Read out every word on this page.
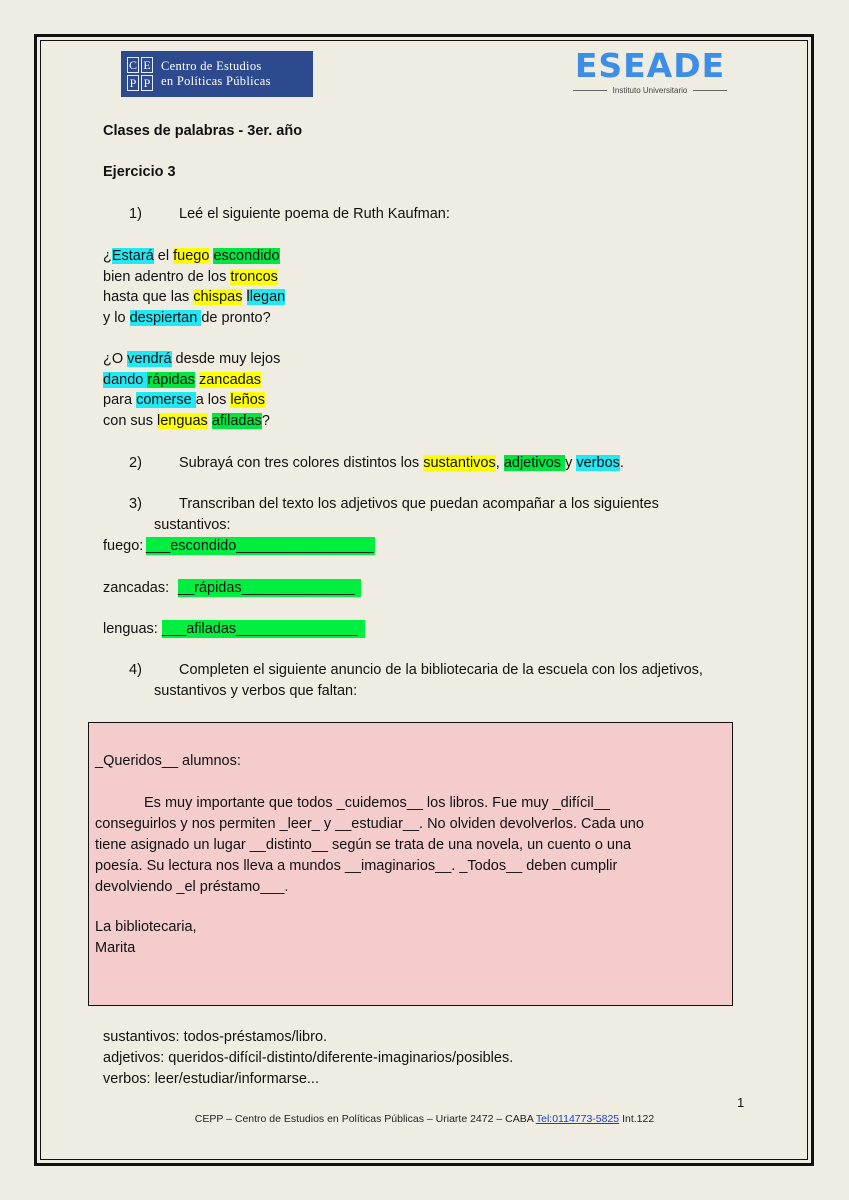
C E
P P
Centro de Estudios
en Políticas Públicas	ESEADE
Instituto Universitario
Clases de palabras - 3er. año
Ejercicio 3
1)	Leé el siguiente poema de Ruth Kaufman:
¿Estará el fuego escondido
bien adentro de los troncos
hasta que las chispas llegan
y lo despiertan de pronto?
¿O vendrá desde muy lejos
dando rápidas zancadas
para comerse a los leños
con sus lenguas afiladas?
2)	Subrayá con tres colores distintos los sustantivos, adjetivos y verbos.
3)	Transcriban del texto los adjetivos que puedan acompañar a los siguientes
sustantivos:
fuego: ___escondido_________________
zancadas: __rápidas______________
lenguas: ___afiladas_______________
4)	Completen el siguiente anuncio de la bibliotecaria de la escuela con los adjetivos,
sustantivos y verbos que faltan:
_Queridos__ alumnos:
Es muy importante que todos _cuidemos__ los libros. Fue muy _difícil__
conseguirlos y nos permiten _leer_ y __estudiar__. No olviden devolverlos. Cada uno
tiene asignado un lugar __distinto__ según se trata de una novela, un cuento o una
poesía. Su lectura nos lleva a mundos __imaginarios__. _Todos__ deben cumplir
devolviendo _el préstamo___.
La bibliotecaria,
Marita
sustantivos: todos-préstamos/libro.
adjetivos: queridos-difícil-distinto/diferente-imaginarios/posibles.
verbos: leer/estudiar/informarse...
1
CEPP – Centro de Estudios en Políticas Públicas – Uriarte 2472 – CABA Tel:0114773-5825 Int.122
